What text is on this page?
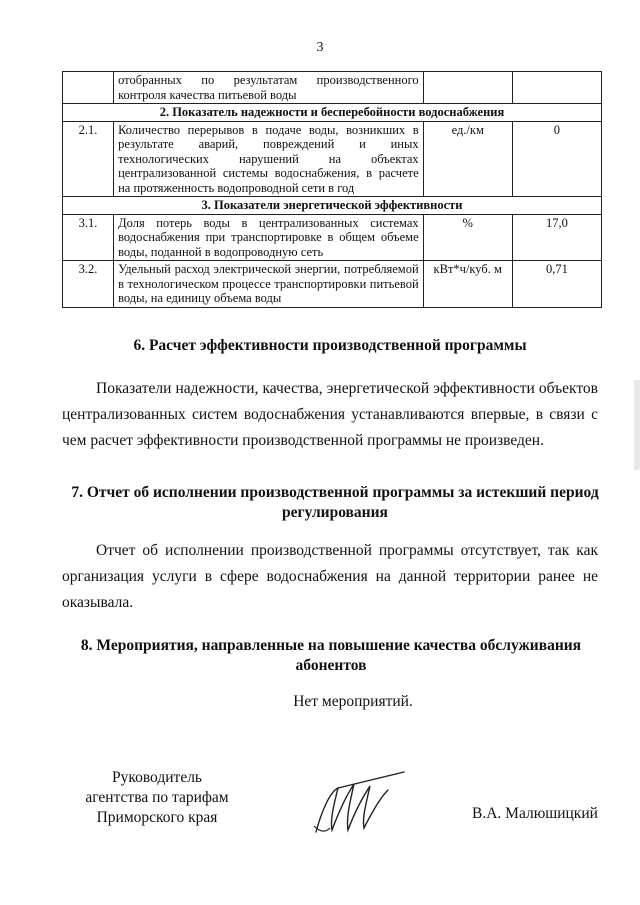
3
	отобранных по результатам производственного контроля качества питьевой воды		
2. Показатель надежности и бесперебойности водоснабжения			
2.1.	Количество перерывов в подаче воды, возникших в результате аварий, повреждений и иных технологических нарушений на объектах централизованной системы водоснабжения, в расчете на протяженность водопроводной сети в год	ед./км	0
3. Показатели энергетической эффективности			
3.1.	Доля потерь воды в централизованных системах водоснабжения при транспортировке в общем объеме воды, поданной в водопроводную сеть	%	17,0
3.2.	Удельный расход электрической энергии, потребляемой в технологическом процессе транспортировки питьевой воды, на единицу объема воды	кВт*ч/куб. м	0,71
6. Расчет эффективности производственной программы

Показатели надежности, качества, энергетической эффективности объектов централизованных систем водоснабжения устанавливаются впервые, в связи с чем расчет эффективности производственной программы не произведен.

7. Отчет об исполнении производственной программы за истекший период регулирования

Отчет об исполнении производственной программы отсутствует, так как организация услуги в сфере водоснабжения на данной территории ранее не оказывала.

8. Мероприятия, направленные на повышение качества обслуживания абонентов

Нет мероприятий.

Руководитель
агентства по тарифам
Приморского края	В.А. Малюшицкий
